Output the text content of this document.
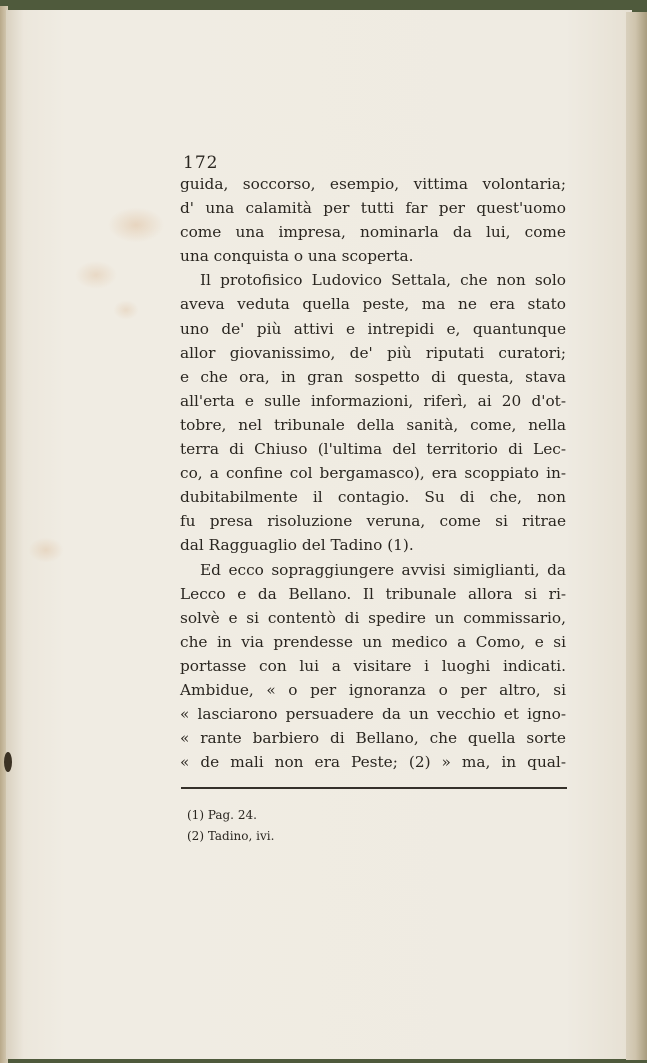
172
guida, soccorso, esempio, vittima volontaria;
d' una calamità per tutti far per quest'uomo
come una impresa, nominarla da lui, come
una conquista o una scoperta.
Il protofisico Ludovico Settala, che non solo
aveva veduta quella peste, ma ne era stato
uno de' più attivi e intrepidi e, quantunque
allor giovanissimo, de' più riputati curatori;
e che ora, in gran sospetto di questa, stava
all'erta e sulle informazioni, riferì, ai 20 d'ot-
tobre, nel tribunale della sanità, come, nella
terra di Chiuso (l'ultima del territorio di Lec-
co, a confine col bergamasco), era scoppiato in-
dubitabilmente il contagio. Su di che, non
fu presa risoluzione veruna, come si ritrae
dal Ragguaglio del Tadino (1).
Ed ecco sopraggiungere avvisi simiglianti, da
Lecco e da Bellano. Il tribunale allora si ri-
solvè e si contentò di spedire un commissario,
che in via prendesse un medico a Como, e si
portasse con lui a visitare i luoghi indicati.
Ambidue, « o per ignoranza o per altro, si
« lasciarono persuadere da un vecchio et igno-
« rante barbiero di Bellano, che quella sorte
« de mali non era Peste; (2) » ma, in qual-
(1) Pag. 24.
(2) Tadino, ivi.
